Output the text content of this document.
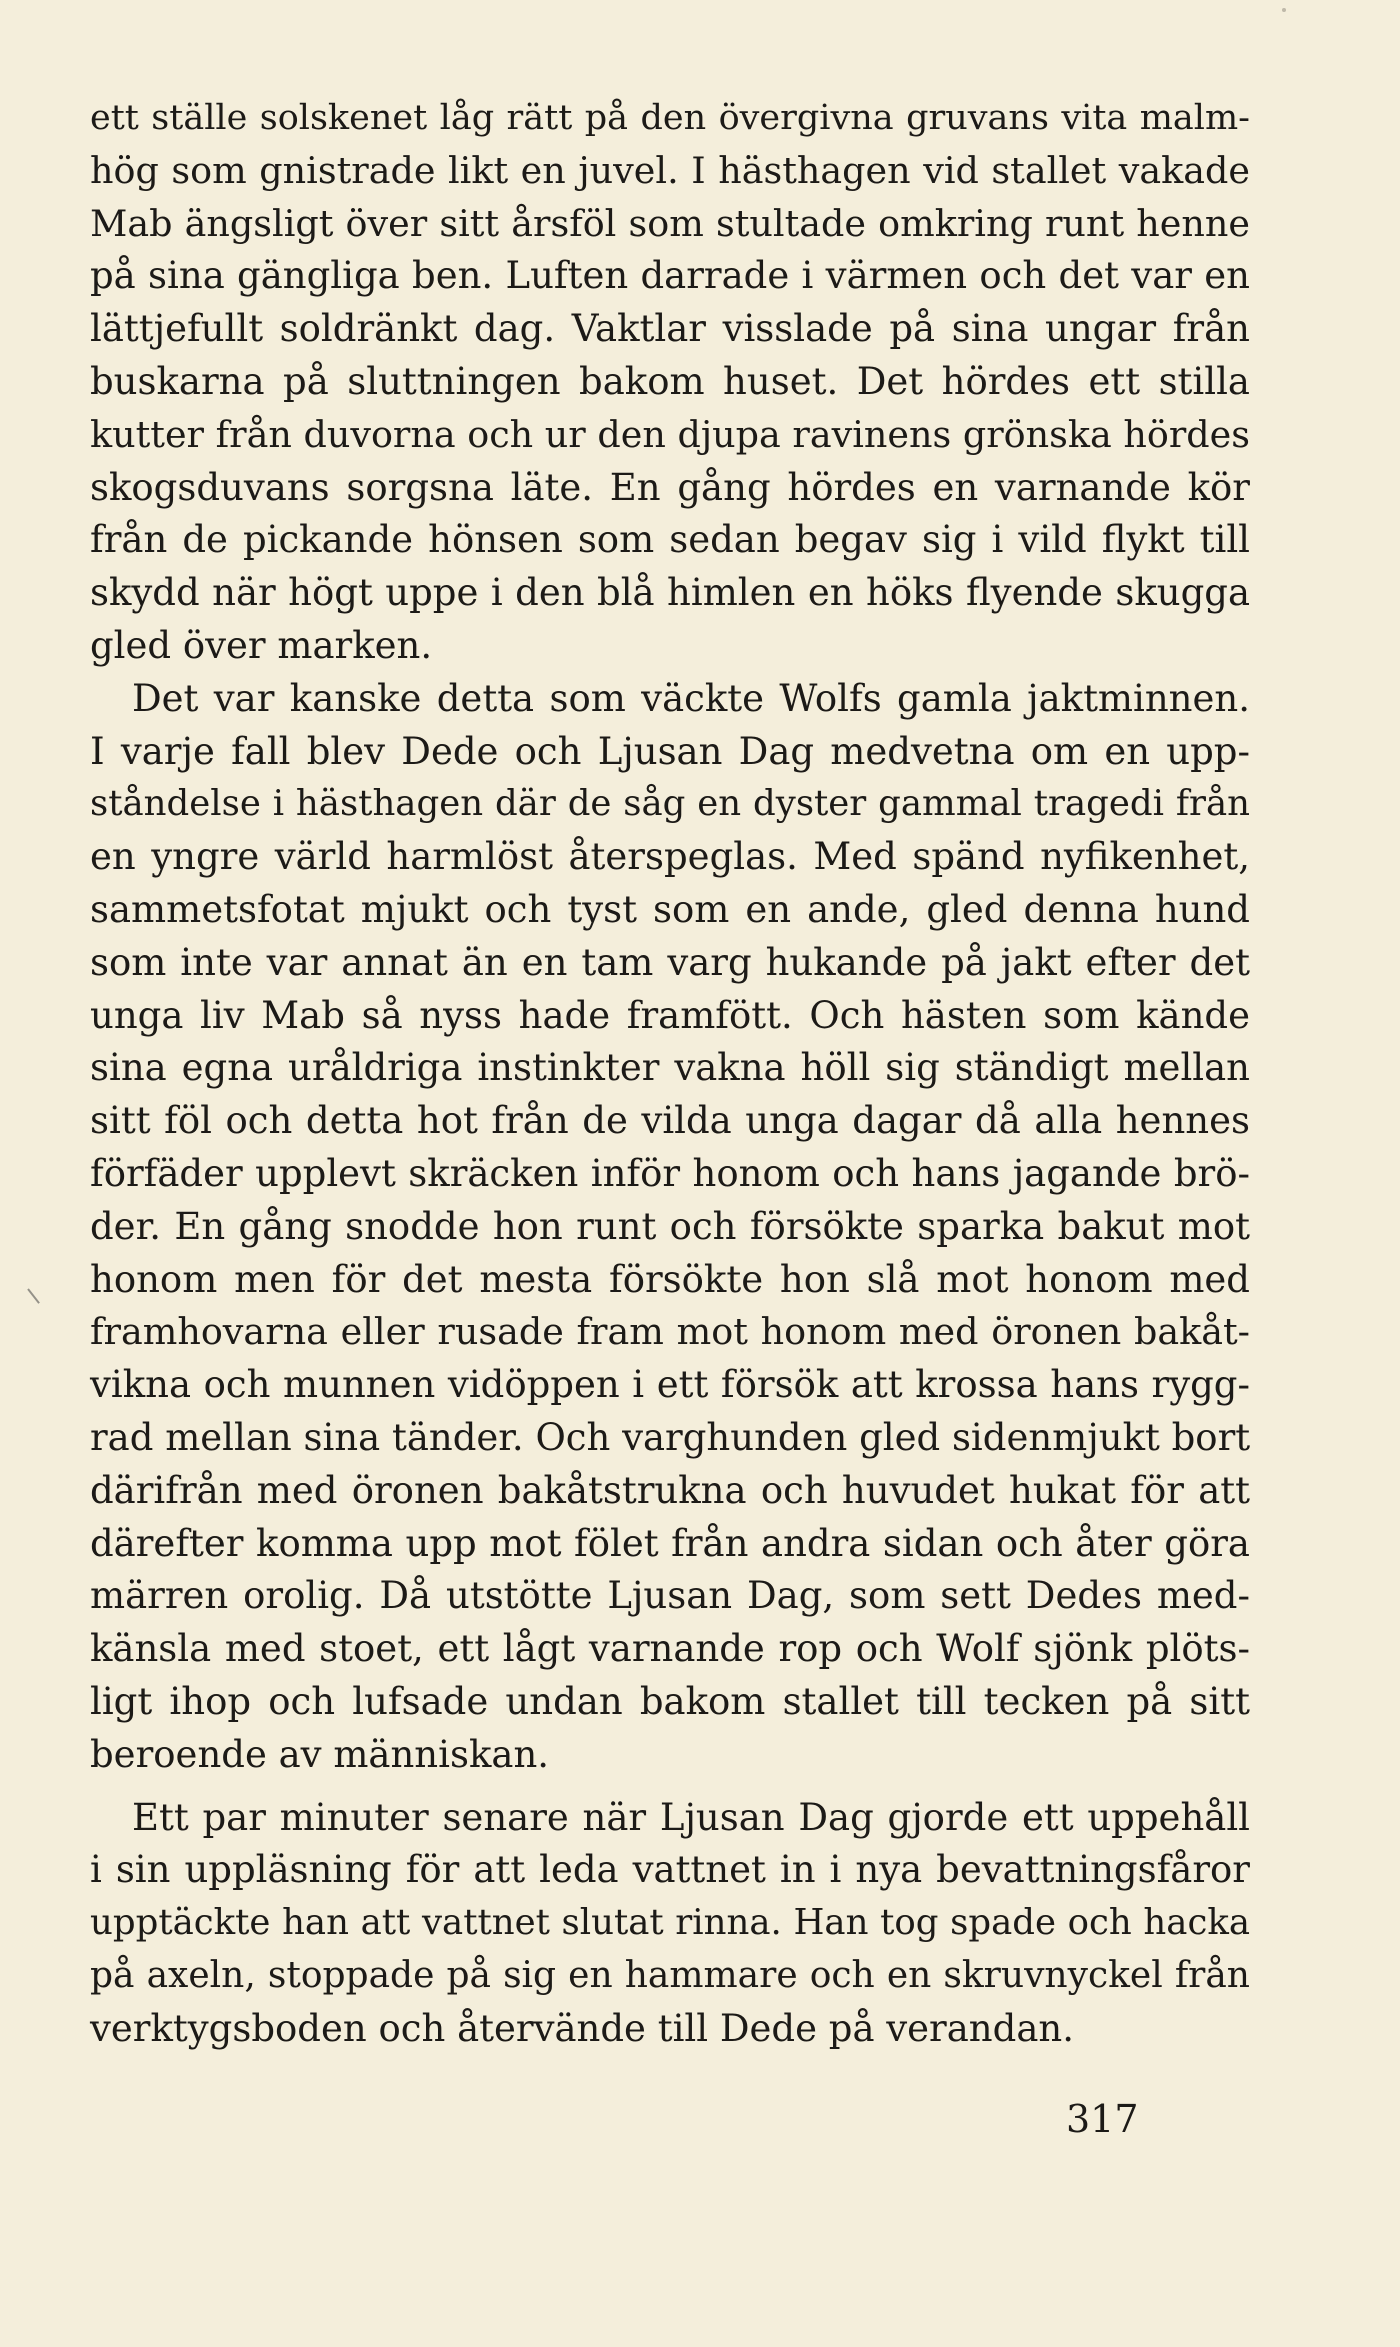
ett ställe solskenet låg rätt på den övergivna gruvans vita malm-
hög som gnistrade likt en juvel. I hästhagen vid stallet vakade
Mab ängsligt över sitt årsföl som stultade omkring runt henne
på sina gängliga ben. Luften darrade i värmen och det var en
lättjefullt soldränkt dag. Vaktlar visslade på sina ungar från
buskarna på sluttningen bakom huset. Det hördes ett stilla
kutter från duvorna och ur den djupa ravinens grönska hördes
skogsduvans sorgsna läte. En gång hördes en varnande kör
från de pickande hönsen som sedan begav sig i vild flykt till
skydd när högt uppe i den blå himlen en höks flyende skugga
gled över marken.
Det var kanske detta som väckte Wolfs gamla jaktminnen.
I varje fall blev Dede och Ljusan Dag medvetna om en upp-
ståndelse i hästhagen där de såg en dyster gammal tragedi från
en yngre värld harmlöst återspeglas. Med spänd nyfikenhet,
sammetsfotat mjukt och tyst som en ande, gled denna hund
som inte var annat än en tam varg hukande på jakt efter det
unga liv Mab så nyss hade framfött. Och hästen som kände
sina egna uråldriga instinkter vakna höll sig ständigt mellan
sitt föl och detta hot från de vilda unga dagar då alla hennes
förfäder upplevt skräcken inför honom och hans jagande brö-
der. En gång snodde hon runt och försökte sparka bakut mot
honom men för det mesta försökte hon slå mot honom med
framhovarna eller rusade fram mot honom med öronen bakåt-
vikna och munnen vidöppen i ett försök att krossa hans rygg-
rad mellan sina tänder. Och varghunden gled sidenmjukt bort
därifrån med öronen bakåtstrukna och huvudet hukat för att
därefter komma upp mot fölet från andra sidan och åter göra
märren orolig. Då utstötte Ljusan Dag, som sett Dedes med-
känsla med stoet, ett lågt varnande rop och Wolf sjönk plöts-
ligt ihop och lufsade undan bakom stallet till tecken på sitt
beroende av människan.
Ett par minuter senare när Ljusan Dag gjorde ett uppehåll
i sin uppläsning för att leda vattnet in i nya bevattningsfåror
upptäckte han att vattnet slutat rinna. Han tog spade och hacka
på axeln, stoppade på sig en hammare och en skruvnyckel från
verktygsboden och återvände till Dede på verandan.
317
